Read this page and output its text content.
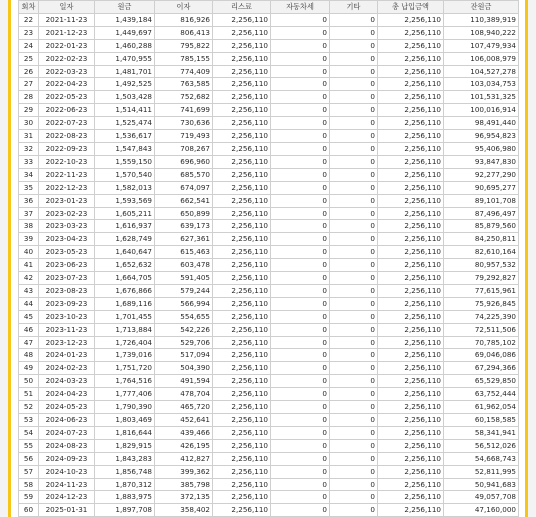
회차	일자	원금	이자	리스료	자동차세	기타	총 납입금액	잔원금
22	2021-11-23	1,439,184	816,926	2,256,110	0	0	2,256,110	110,389,919
23	2021-12-23	1,449,697	806,413	2,256,110	0	0	2,256,110	108,940,222
24	2022-01-23	1,460,288	795,822	2,256,110	0	0	2,256,110	107,479,934
25	2022-02-23	1,470,955	785,155	2,256,110	0	0	2,256,110	106,008,979
26	2022-03-23	1,481,701	774,409	2,256,110	0	0	2,256,110	104,527,278
27	2022-04-23	1,492,525	763,585	2,256,110	0	0	2,256,110	103,034,753
28	2022-05-23	1,503,428	752,682	2,256,110	0	0	2,256,110	101,531,325
29	2022-06-23	1,514,411	741,699	2,256,110	0	0	2,256,110	100,016,914
30	2022-07-23	1,525,474	730,636	2,256,110	0	0	2,256,110	98,491,440
31	2022-08-23	1,536,617	719,493	2,256,110	0	0	2,256,110	96,954,823
32	2022-09-23	1,547,843	708,267	2,256,110	0	0	2,256,110	95,406,980
33	2022-10-23	1,559,150	696,960	2,256,110	0	0	2,256,110	93,847,830
34	2022-11-23	1,570,540	685,570	2,256,110	0	0	2,256,110	92,277,290
35	2022-12-23	1,582,013	674,097	2,256,110	0	0	2,256,110	90,695,277
36	2023-01-23	1,593,569	662,541	2,256,110	0	0	2,256,110	89,101,708
37	2023-02-23	1,605,211	650,899	2,256,110	0	0	2,256,110	87,496,497
38	2023-03-23	1,616,937	639,173	2,256,110	0	0	2,256,110	85,879,560
39	2023-04-23	1,628,749	627,361	2,256,110	0	0	2,256,110	84,250,811
40	2023-05-23	1,640,647	615,463	2,256,110	0	0	2,256,110	82,610,164
41	2023-06-23	1,652,632	603,478	2,256,110	0	0	2,256,110	80,957,532
42	2023-07-23	1,664,705	591,405	2,256,110	0	0	2,256,110	79,292,827
43	2023-08-23	1,676,866	579,244	2,256,110	0	0	2,256,110	77,615,961
44	2023-09-23	1,689,116	566,994	2,256,110	0	0	2,256,110	75,926,845
45	2023-10-23	1,701,455	554,655	2,256,110	0	0	2,256,110	74,225,390
46	2023-11-23	1,713,884	542,226	2,256,110	0	0	2,256,110	72,511,506
47	2023-12-23	1,726,404	529,706	2,256,110	0	0	2,256,110	70,785,102
48	2024-01-23	1,739,016	517,094	2,256,110	0	0	2,256,110	69,046,086
49	2024-02-23	1,751,720	504,390	2,256,110	0	0	2,256,110	67,294,366
50	2024-03-23	1,764,516	491,594	2,256,110	0	0	2,256,110	65,529,850
51	2024-04-23	1,777,406	478,704	2,256,110	0	0	2,256,110	63,752,444
52	2024-05-23	1,790,390	465,720	2,256,110	0	0	2,256,110	61,962,054
53	2024-06-23	1,803,469	452,641	2,256,110	0	0	2,256,110	60,158,585
54	2024-07-23	1,816,644	439,466	2,256,110	0	0	2,256,110	58,341,941
55	2024-08-23	1,829,915	426,195	2,256,110	0	0	2,256,110	56,512,026
56	2024-09-23	1,843,283	412,827	2,256,110	0	0	2,256,110	54,668,743
57	2024-10-23	1,856,748	399,362	2,256,110	0	0	2,256,110	52,811,995
58	2024-11-23	1,870,312	385,798	2,256,110	0	0	2,256,110	50,941,683
59	2024-12-23	1,883,975	372,135	2,256,110	0	0	2,256,110	49,057,708
60	2025-01-31	1,897,708	358,402	2,256,110	0	0	2,256,110	47,160,000
